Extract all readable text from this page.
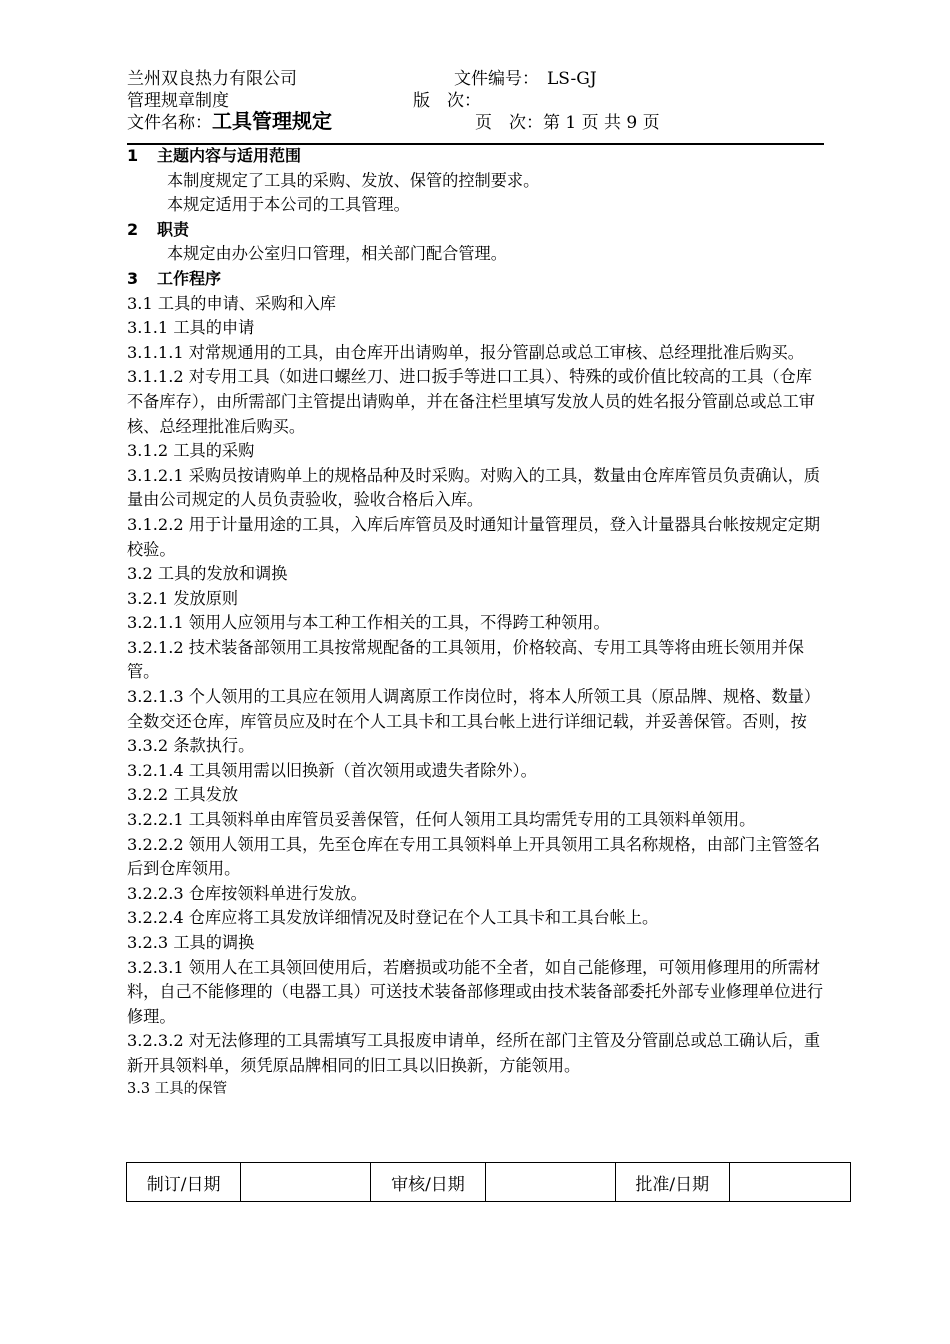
兰州双良热力有限公司	文件编号： LS-GJ
管理规章制度	版　次：
文件名称：工具管理规定	页　次：第 1 页 共 9 页

1 主题内容与适用范围

本制度规定了工具的采购、发放、保管的控制要求。

本规定适用于本公司的工具管理。

2 职责

本规定由办公室归口管理，相关部门配合管理。

3 工作程序

3.1 工具的申请、采购和入库

3.1.1 工具的申请

3.1.1.1 对常规通用的工具，由仓库开出请购单，报分管副总或总工审核、总经理批准后购买。

3.1.1.2 对专用工具（如进口螺丝刀、进口扳手等进口工具）、特殊的或价值比较高的工具（仓库不备库存），由所需部门主管提出请购单，并在备注栏里填写发放人员的姓名报分管副总或总工审核、总经理批准后购买。

3.1.2 工具的采购

3.1.2.1 采购员按请购单上的规格品种及时采购。对购入的工具，数量由仓库库管员负责确认，质量由公司规定的人员负责验收，验收合格后入库。

3.1.2.2 用于计量用途的工具，入库后库管员及时通知计量管理员，登入计量器具台帐按规定定期校验。

3.2 工具的发放和调换

3.2.1 发放原则

3.2.1.1 领用人应领用与本工种工作相关的工具，不得跨工种领用。

3.2.1.2 技术装备部领用工具按常规配备的工具领用，价格较高、专用工具等将由班长领用并保管。

3.2.1.3 个人领用的工具应在领用人调离原工作岗位时，将本人所领工具（原品牌、规格、数量）全数交还仓库，库管员应及时在个人工具卡和工具台帐上进行详细记载，并妥善保管。否则，按 3.3.2 条款执行。

3.2.1.4 工具领用需以旧换新（首次领用或遗失者除外）。

3.2.2 工具发放

3.2.2.1 工具领料单由库管员妥善保管，任何人领用工具均需凭专用的工具领料单领用。

3.2.2.2 领用人领用工具，先至仓库在专用工具领料单上开具领用工具名称规格，由部门主管签名后到仓库领用。

3.2.2.3 仓库按领料单进行发放。

3.2.2.4 仓库应将工具发放详细情况及时登记在个人工具卡和工具台帐上。

3.2.3 工具的调换

3.2.3.1 领用人在工具领回使用后，若磨损或功能不全者，如自己能修理，可领用修理用的所需材料，自己不能修理的（电器工具）可送技术装备部修理或由技术装备部委托外部专业修理单位进行修理。

3.2.3.2 对无法修理的工具需填写工具报废申请单，经所在部门主管及分管副总或总工确认后，重新开具领料单，须凭原品牌相同的旧工具以旧换新，方能领用。

3.3 工具的保管

制订/日期		审核/日期		批准/日期	
